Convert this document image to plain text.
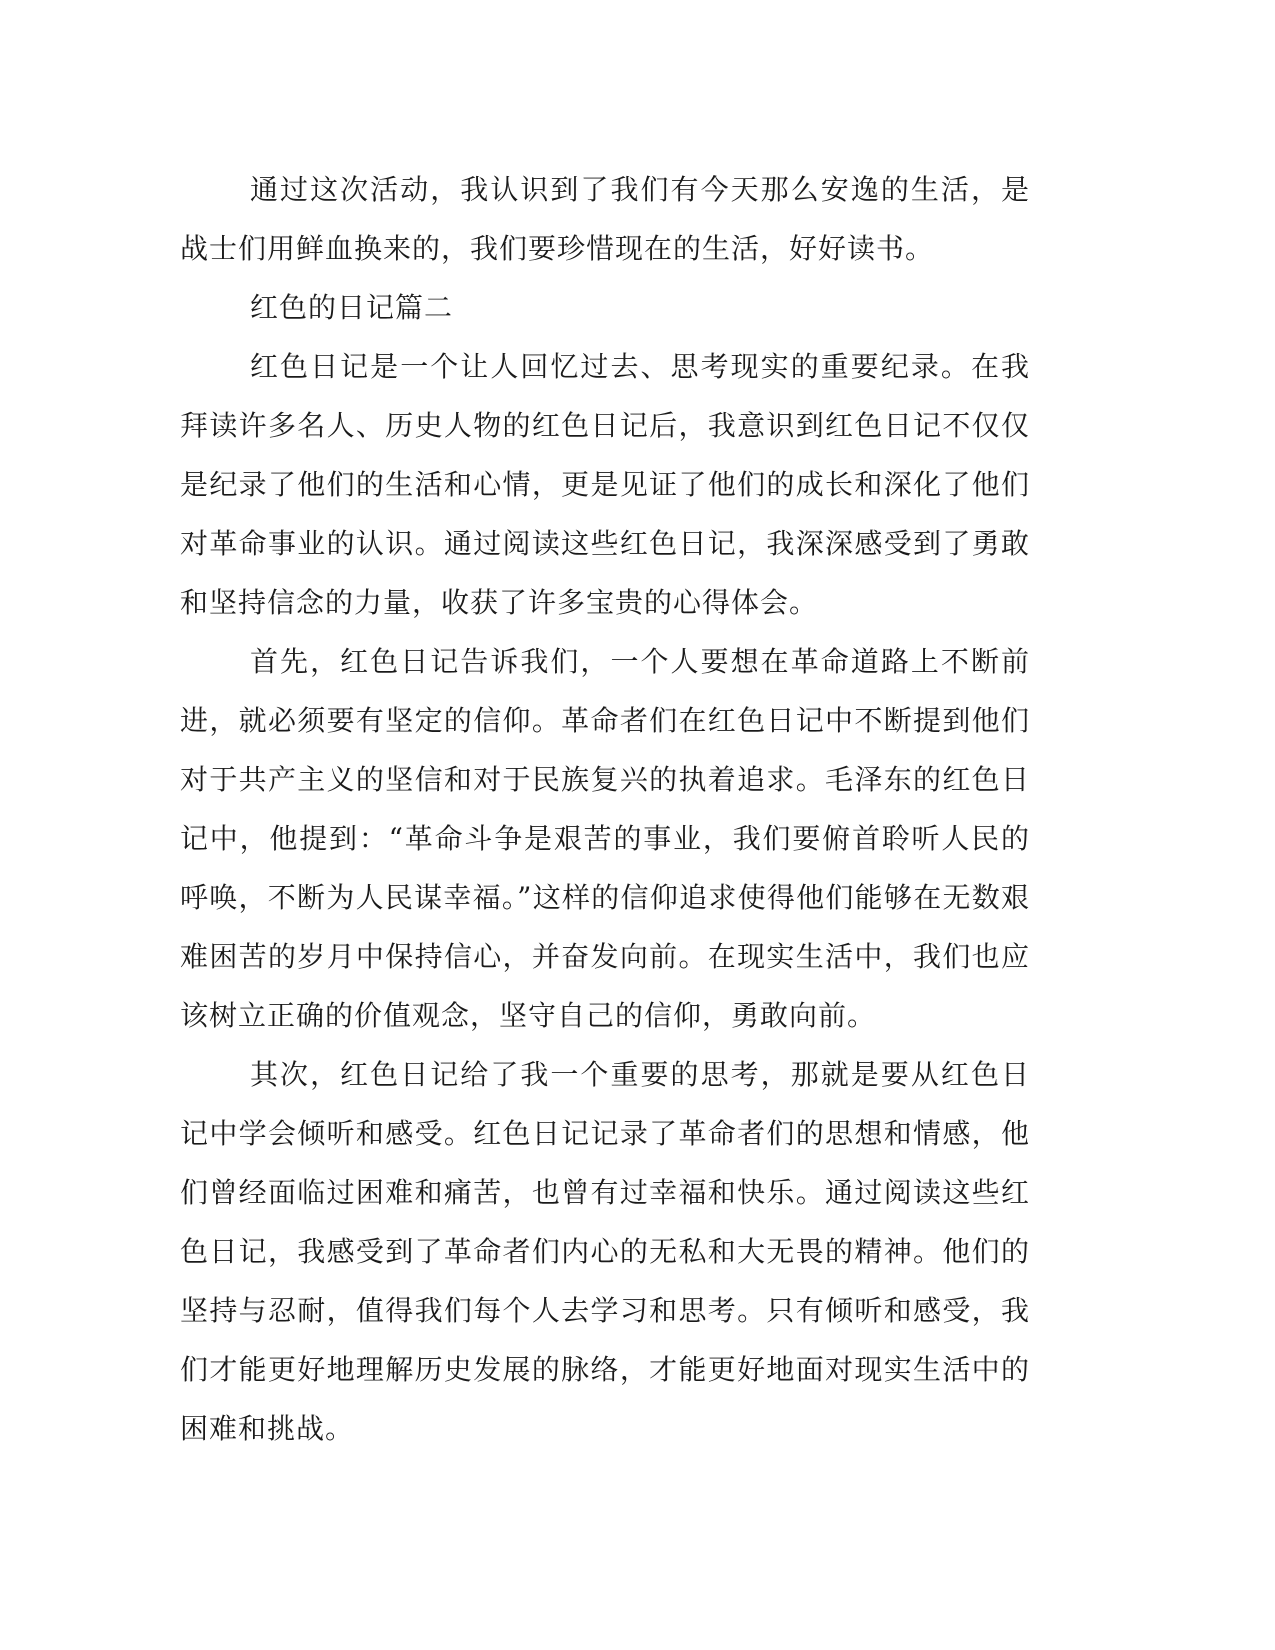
通过这次活动，我认识到了我们有今天那么安逸的生活，是战士们用鲜血换来的，我们要珍惜现在的生活，好好读书。

红色的日记篇二

红色日记是一个让人回忆过去、思考现实的重要纪录。在我拜读许多名人、历史人物的红色日记后，我意识到红色日记不仅仅是纪录了他们的生活和心情，更是见证了他们的成长和深化了他们对革命事业的认识。通过阅读这些红色日记，我深深感受到了勇敢和坚持信念的力量，收获了许多宝贵的心得体会。

首先，红色日记告诉我们，一个人要想在革命道路上不断前进，就必须要有坚定的信仰。革命者们在红色日记中不断提到他们对于共产主义的坚信和对于民族复兴的执着追求。毛泽东的红色日记中，他提到：“革命斗争是艰苦的事业，我们要俯首聆听人民的呼唤，不断为人民谋幸福。”这样的信仰追求使得他们能够在无数艰难困苦的岁月中保持信心，并奋发向前。在现实生活中，我们也应该树立正确的价值观念，坚守自己的信仰，勇敢向前。

其次，红色日记给了我一个重要的思考，那就是要从红色日记中学会倾听和感受。红色日记记录了革命者们的思想和情感，他们曾经面临过困难和痛苦，也曾有过幸福和快乐。通过阅读这些红色日记，我感受到了革命者们内心的无私和大无畏的精神。他们的坚持与忍耐，值得我们每个人去学习和思考。只有倾听和感受，我们才能更好地理解历史发展的脉络，才能更好地面对现实生活中的困难和挑战。
